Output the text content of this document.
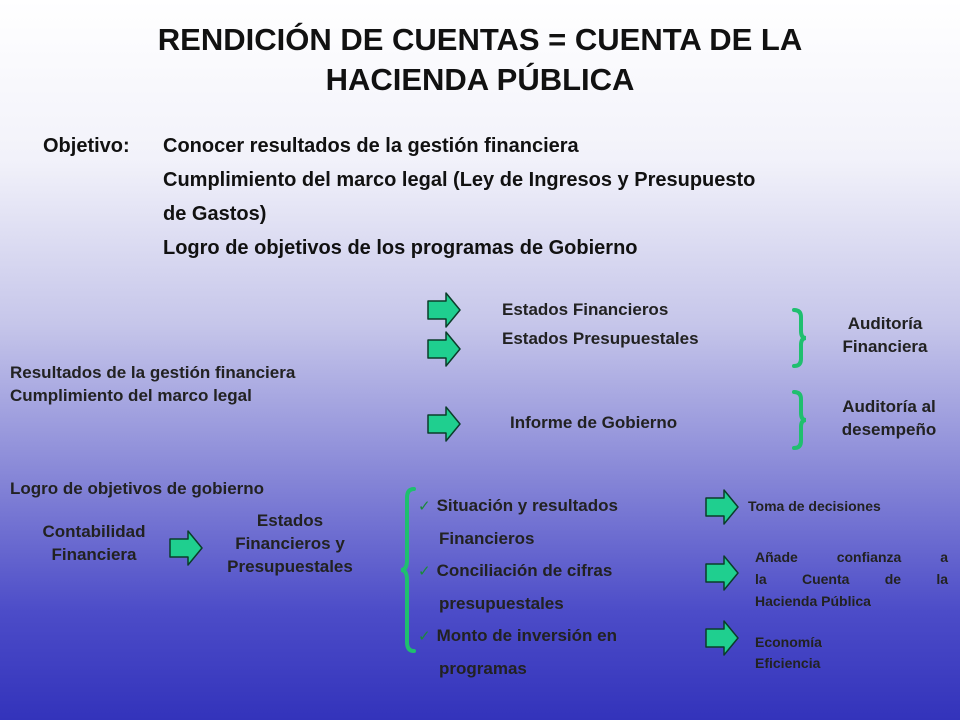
RENDICIÓN DE CUENTAS = CUENTA DE LA
HACIENDA PÚBLICA
Objetivo: Conocer resultados de la gestión financiera
Cumplimiento del marco legal (Ley de Ingresos y Presupuesto
de Gastos)
Logro de objetivos de los programas de Gobierno
Resultados de la gestión financiera
Cumplimiento del marco legal
Logro de objetivos de gobierno
Contabilidad
Financiera
Estados
Financieros y
Presupuestales
Estados Financieros
Estados Presupuestales
Informe de Gobierno
✓ Situación y resultados
Financieros
✓ Conciliación de cifras
presupuestales
✓ Monto de inversión en
programas
Auditoría
Financiera
Auditoría al
desempeño
Toma de decisiones
Añade confianza a
la Cuenta de la
Hacienda Pública
Economía
Eficiencia
